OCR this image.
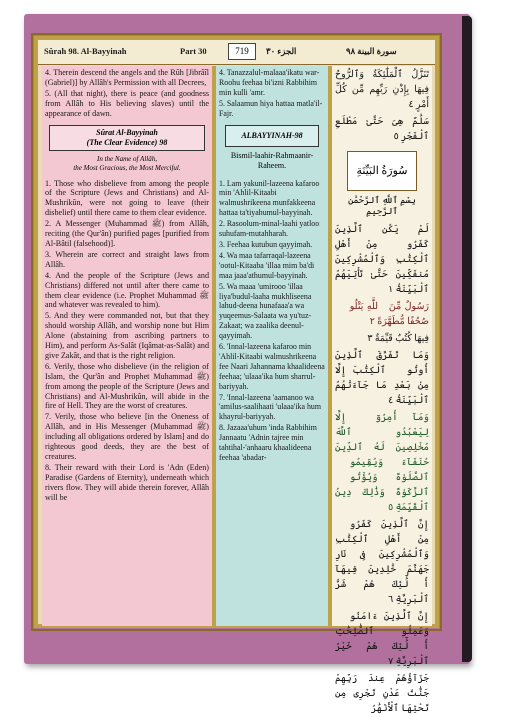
Sûrah 98. Al-Bayyinah	Part 30	719	الجزء ٣٠	سورة البينة ٩٨

4. Therein descend the angels and the Rûh [Jibrâîl (Gabriel)] by Allâh's Permission with all Decrees,

5. (All that night), there is peace (and goodness from Allâh to His believing slaves) until the appearance of dawn.

Sûrat Al-Bayyinah
(The Clear Evidence) 98
In the Name of Allâh,
the Most Gracious, the Most Merciful.

1. Those who disbelieve from among the people of the Scripture (Jews and Christians) and Al-Mushrikûn, were not going to leave (their disbelief) until there came to them clear evidence.

2. A Messenger (Muhammad ﷺ) from Allâh, reciting (the Qur'ân) purified pages [purified from Al-Bâtil (falsehood)].

3. Wherein are correct and straight laws from Allâh.

4. And the people of the Scripture (Jews and Christians) differed not until after there came to them clear evidence (i.e. Prophet Muhammad ﷺ and whatever was revealed to him).

5. And they were commanded not, but that they should worship Allâh, and worship none but Him Alone (abstaining from ascribing partners to Him), and perform As-Salât (Iqâmat-as-Salât) and give Zakât, and that is the right religion.

6. Verily, those who disbelieve (in the religion of Islam, the Qur'ân and Prophet Muhammad ﷺ) from among the people of the Scripture (Jews and Christians) and Al-Mushrikûn, will abide in the fire of Hell. They are the worst of creatures.

7. Verily, those who believe [in the Oneness of Allâh, and in His Messenger (Muhammad ﷺ) including all obligations ordered by Islam] and do righteous good deeds, they are the best of creatures.

8. Their reward with their Lord is 'Adn (Eden) Paradise (Gardens of Eternity), underneath which rivers flow. They will abide therein forever, Allâh will be

4. Tanazzalul-malaaa'ikatu war-Roohu feehaa bi'izni Rabbihim min kulli 'amr.

5. Salaamun hiya hattaa matla'il-Fajr.

ALBAYYINAH-98
Bismil-laahir-Rahmaanir-Raheem.

1. Lam yakunil-lazeena kafaroo min 'Ahlil-Kitaabi walmushrikeena munfakkeena hattaa ta'tiyahumul-bayyinah.

2. Rasoolum-minal-laahi yatloo suhufam-mutahharah.

3. Feehaa kutubun qayyimah.

4. Wa maa tafarraqal-lazeena 'ootul-Kitaaba 'illaa mim ba'di maa jaaa'athumul-bayyinah.

5. Wa maaa 'umirooo 'illaa liya'budul-laaha mukhliseena lahud-deena hunafaaa'a wa yuqeemus-Salaata wa yu'tuz-Zakaat; wa zaalika deenul-qayyimah.

6. 'Innal-lazeena kafaroo min 'Ahlil-Kitaabi walmushrikeena fee Naari Jahannama khaalideena feehaa; 'ulaaa'ika hum sharrul-bariyyah.

7. 'Innal-lazeena 'aamanoo wa 'amilus-saalihaati 'ulaaa'ika hum khayrul-bariyyah.

8. Jazaaa'uhum 'inda Rabbihim Jannaatu 'Adnin tajree min tahtihal-'anhaaru khaalideena feehaa 'abadar-

تَنَزَّلُ ٱلْمَلَٰٓئِكَةُ وَٱلرُّوحُ فِيهَا بِإِذْنِ رَبِّهِم مِّن كُلِّ أَمْرٍ ٤

سَلَٰمٌ هِىَ حَتَّىٰ مَطْلَعِ ٱلْفَجْرِ ٥

سُورَةُ البَيِّنَةِ
بِسْمِ ٱللَّهِ ٱلرَّحْمَٰنِ ٱلرَّحِيمِ

لَمْ يَكُنِ ٱلَّذِينَ كَفَرُوا۟ مِنْ أَهْلِ ٱلْكِتَٰبِ وَٱلْمُشْرِكِينَ مُنفَكِّينَ حَتَّىٰ تَأْتِيَهُمُ ٱلْبَيِّنَةُ ١

رَسُولٌ مِّنَ ٱللَّهِ يَتْلُوا۟ صُحُفًا مُّطَهَّرَةً ٢

فِيهَا كُتُبٌ قَيِّمَةٌ ٣

وَمَا تَفَرَّقَ ٱلَّذِينَ أُوتُوا۟ ٱلْكِتَٰبَ إِلَّا مِنۢ بَعْدِ مَا جَآءَتْهُمُ ٱلْبَيِّنَةُ ٤

وَمَآ أُمِرُوٓا۟ إِلَّا لِيَعْبُدُوا۟ ٱللَّهَ مُخْلِصِينَ لَهُ ٱلدِّينَ حُنَفَآءَ وَيُقِيمُوا۟ ٱلصَّلَوٰةَ وَيُؤْتُوا۟ ٱلزَّكَوٰةَ وَذَٰلِكَ دِينُ ٱلْقَيِّمَةِ ٥

إِنَّ ٱلَّذِينَ كَفَرُوا۟ مِنْ أَهْلِ ٱلْكِتَٰبِ وَٱلْمُشْرِكِينَ فِى نَارِ جَهَنَّمَ خَٰلِدِينَ فِيهَآ أُو۟لَٰٓئِكَ هُمْ شَرُّ ٱلْبَرِيَّةِ ٦

إِنَّ ٱلَّذِينَ ءَامَنُوا۟ وَعَمِلُوا۟ ٱلصَّٰلِحَٰتِ أُو۟لَٰٓئِكَ هُمْ خَيْرُ ٱلْبَرِيَّةِ ٧

جَزَآؤُهُمْ عِندَ رَبِّهِمْ جَنَّٰتُ عَدْنٍ تَجْرِى مِن تَحْتِهَا ٱلْأَنْهَٰرُ
